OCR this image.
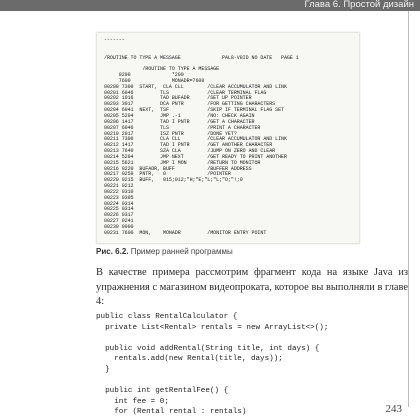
Глава 6. Простой дизайн
-------

/ROUTINE TO TYPE A MESSAGE              PAL8-V8ID NO DATE   PAGE 1

/ROUTINE TO TYPE A MESSAGE
0200              *200
7600              MONADR=7600
00200 7300  START,  CLA CLL        /CLEAR ACCUMULATOR AND LINK
00201 6046         TLS             /CLEAR TERMINAL FLAG
00202 1016         TAD BUFADR      /SET UP POINTER
00203 3017         DCA PNTR        /FOR GETTING CHARACTERS
00204 6041  NEXT,  TSF             /SKIP IF TERMINAL FLAG SET
00205 5204         JMP .-1         /NO: CHECK AGAIN
00206 1417         TAD I PNTR      /GET A CHARACTER
00207 6046         TLS             /PRINT A CHARACTER
00210 2017         ISZ PNTR        /DONE YET?
00211 7300         CLA CLL         /CLEAR ACCUMULATOR AND LINK
00212 1417         TAD I PNTR      /GET ANOTHER CHARACTER
00213 7640         SZA CLA         /JUMP ON ZERO AND CLEAR
00214 5204         JMP NEXT        /GET READY TO PRINT ANOTHER
00215 5621         JMP I MON       /RETURN TO MONITOR
00216 0220  BUFADR, BUFF           /BUFFER ADDRESS
00217 0250  PNTR,   0              /POINTER
00220 0215  BUFF,   015;012;"H;"E;"L;"L;"O;"!;0
00221 0212
00222 0310
00223 0305
00224 0314
00225 0314
00226 0317
00227 0241
00230 0000
00231 7600  MON,    MONADR         /MONITOR ENTRY POINT
Рис. 6.2. Пример ранней программы

В качестве примера рассмотрим фрагмент кода на языке Java из упражнения с магазином видеопроката, которое вы выполняли в главе 4:

public class RentalCalculator {
private List<Rental> rentals = new ArrayList<>();

public void addRental(String title, int days) {
rentals.add(new Rental(title, days));
}

public int getRentalFee() {
int fee = 0;
for (Rental rental : rentals)	243
